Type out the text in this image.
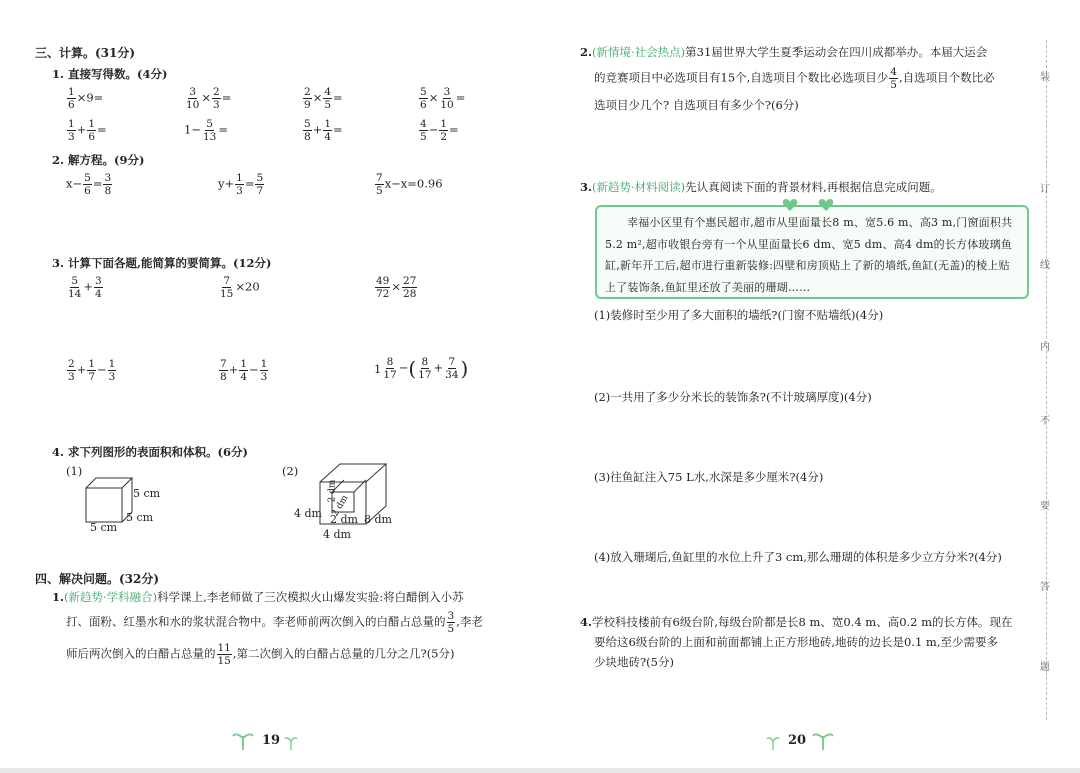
三、计算。(31分)
1. 直接写得数。(4分)
$\frac{1}{6} \times 9=$	$\frac{3}{10} \times \frac{2}{3}$ =	$\frac{2}{9} \times \frac{4}{5}$ =	$\frac{5}{6} \times \frac{3}{10}$ =
$\frac{1}{3} + \frac{1}{6}$ =	$1- \frac{5}{13}$ =	$\frac{5}{8} + \frac{1}{4}$ =	$\frac{4}{5} - \frac{1}{2}$ =
2. 解方程。(9分)
$x- \frac{5}{6} = \frac{3}{8}$	$y+ \frac{1}{3} = \frac{5}{7}$	$\frac{7}{5} x-x=0.96$
3. 计算下面各题,能简算的要简算。(12分)
$\frac{5}{14} + \frac{3}{4}$	$\frac{7}{15} \times 20$	$\frac{49}{72} \times \frac{27}{28}$
$\frac{2}{3} + \frac{1}{7} - \frac{1}{3}$	$\frac{7}{8} + \frac{1}{4} - \frac{1}{3}$	$1 \frac{8}{17}$ −( $\frac{8}{17} + \frac{7}{34}$ )
4. 求下列图形的表面积和体积。(6分)
(1)
5 cm
5 cm
5 cm
(2)
4 dm
2 dm
2 dm
2 dm 8 dm
4 dm
四、解决问题。(32分)
1.(新趋势·学科融合)科学课上,李老师做了三次模拟火山爆发实验:将白醋倒入小苏
打、面粉、红墨水和水的浆状混合物中。李老师前两次倒入的白醋占总量的 $\frac{3}{5}$ ,李老
师后两次倒入的白醋占总量的 $\frac{11}{15}$ ,第二次倒入的白醋占总量的几分之几?(5分)
19
2.(新情境·社会热点)第31届世界大学生夏季运动会在四川成都举办。本届大运会
的竞赛项目中必选项目有15个,自选项目个数比必选项目少 $\frac{4}{5}$ ,自选项目个数比必
选项目少几个? 自选项目有多少个?(6分)
3.(新趋势·材料阅读)先认真阅读下面的背景材料,再根据信息完成问题。
幸福小区里有个惠民超市,超市从里面量长8 m、宽5.6 m、高3 m,门窗面积共5.2 m²,超市收银台旁有一个从里面量长6 dm、宽5 dm、高4 dm的长方体玻璃鱼缸,新年开工后,超市进行重新装修:四壁和房顶贴上了新的墙纸,鱼缸(无盖)的棱上贴上了装饰条,鱼缸里还放了美丽的珊瑚……
(1)装修时至少用了多大面积的墙纸?(门窗不贴墙纸)(4分)
(2)一共用了多少分米长的装饰条?(不计玻璃厚度)(4分)
(3)往鱼缸注入75 L水,水深是多少厘米?(4分)
(4)放入珊瑚后,鱼缸里的水位上升了3 cm,那么珊瑚的体积是多少立方分米?(4分)
4.学校科技楼前有6级台阶,每级台阶都是长8 m、宽0.4 m、高0.2 m的长方体。现在
要给这6级台阶的上面和前面都铺上正方形地砖,地砖的边长是0.1 m,至少需要多
少块地砖?(5分)
20
装
订
线
内
不
要
答
题
